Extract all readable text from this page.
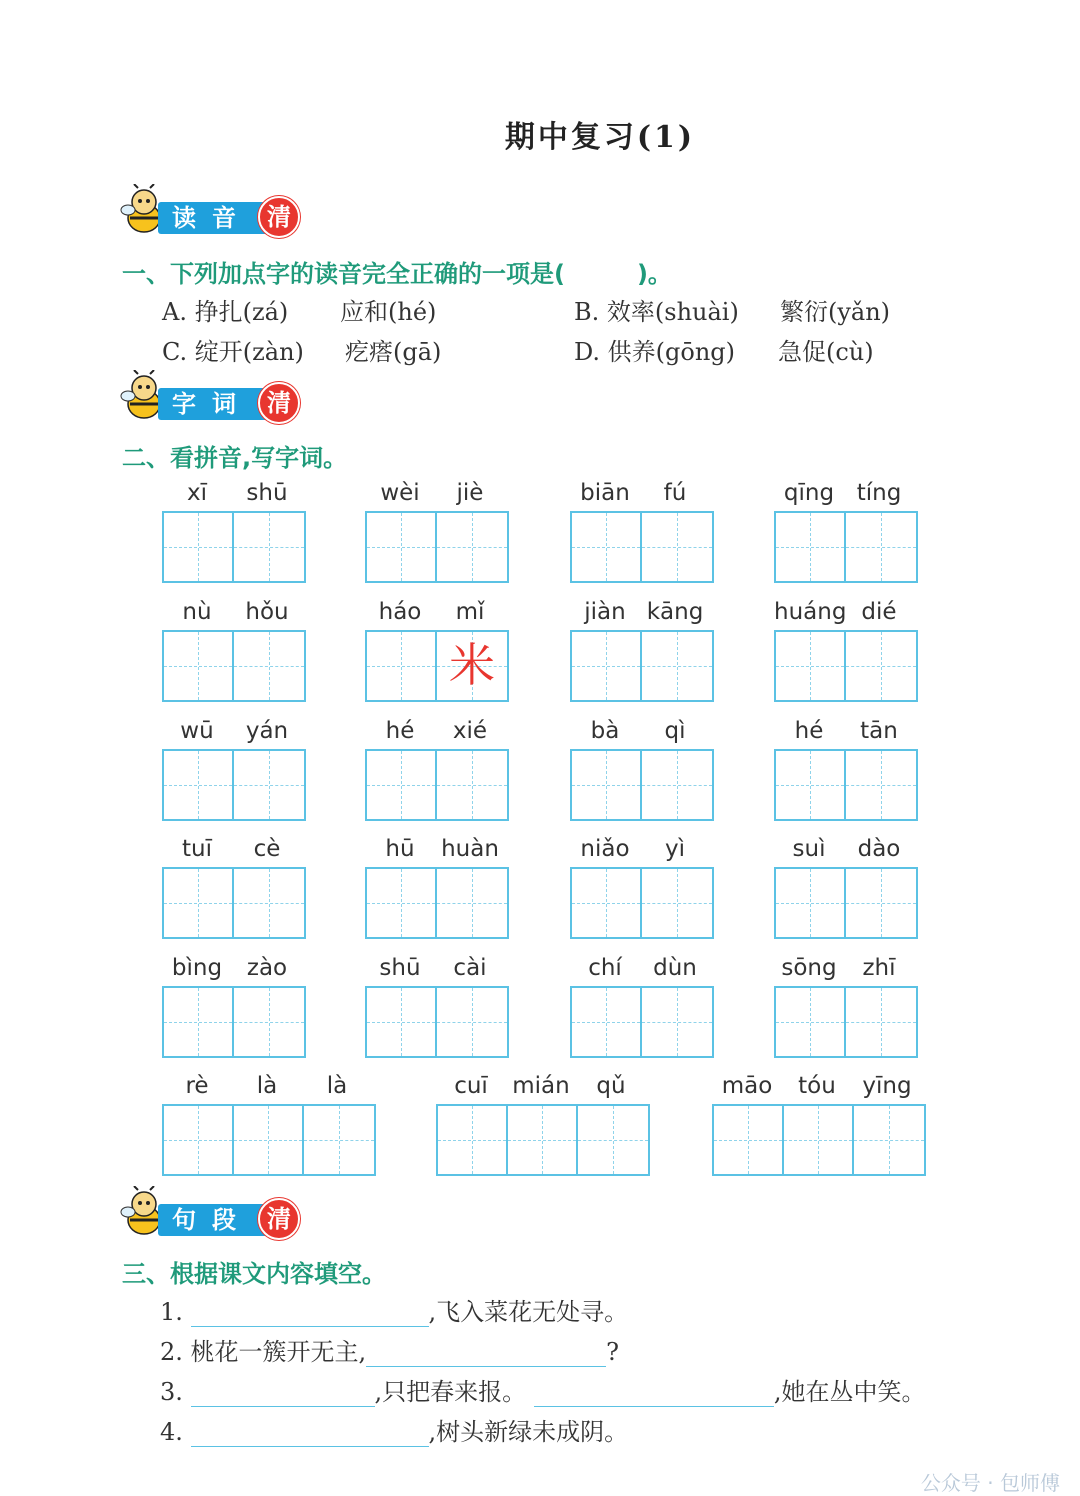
期中复习(1)
读音 清
一、下列加点字的读音完全正确的一项是(　　　)。
A. 挣扎(zá) 应和(hé)	B. 效率(shuài) 繁衍(yǎn)
C. 绽开(zàn) 疙瘩(gā)	D. 供养(gōng) 急促(cù)
字词 清
二、看拼音,写字词。
xī	shū	wèi	jiè	biān	fú	qīng tíng
nù	hǒu	háo	mǐ
米
jiàn kāng	huáng dié
wū	yán	hé	xié	bà	qì	hé	tān
tuī	cè	hū	huàn	niǎo	yì	suì	dào
bìng	zào	shū	cài	chí	dùn	sōng	zhī
rè	là	là	cuī	mián	qǔ	māo	tóu	yīng
句段 清
三、根据课文内容填空。
1.	,飞入菜花无处寻。
2. 桃花一簇开无主,	?
3.	,只把春来报。	,她在丛中笑。
4.	,树头新绿未成阴。
公众号 · 包师傅
